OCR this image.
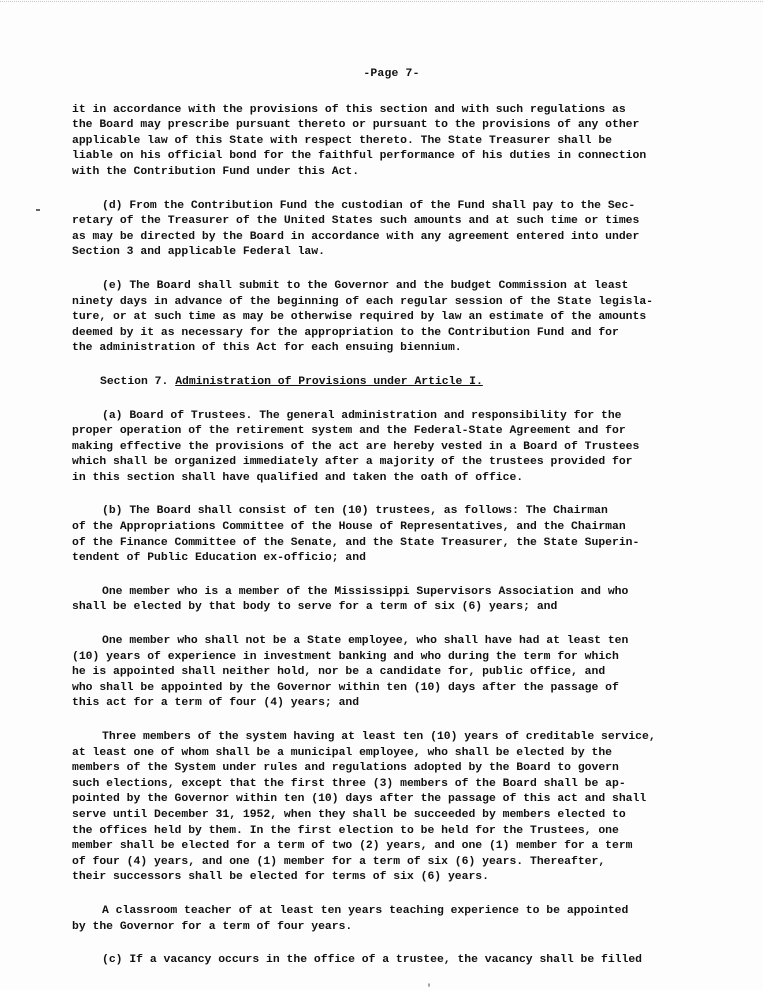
-Page 7-

it in accordance with the provisions of this section and with such regulations as
the Board may prescribe pursuant thereto or pursuant to the provisions of any other
applicable law of this State with respect thereto. The State Treasurer shall be
liable on his official bond for the faithful performance of his duties in connection
with the Contribution Fund under this Act.

(d) From the Contribution Fund the custodian of the Fund shall pay to the Sec-
retary of the Treasurer of the United States such amounts and at such time or times
as may be directed by the Board in accordance with any agreement entered into under
Section 3 and applicable Federal law.

(e) The Board shall submit to the Governor and the budget Commission at least
ninety days in advance of the beginning of each regular session of the State legisla-
ture, or at such time as may be otherwise required by law an estimate of the amounts
deemed by it as necessary for the appropriation to the Contribution Fund and for
the administration of this Act for each ensuing biennium.

Section 7. Administration of Provisions under Article I.

(a) Board of Trustees. The general administration and responsibility for the
proper operation of the retirement system and the Federal-State Agreement and for
making effective the provisions of the act are hereby vested in a Board of Trustees
which shall be organized immediately after a majority of the trustees provided for
in this section shall have qualified and taken the oath of office.

(b) The Board shall consist of ten (10) trustees, as follows: The Chairman
of the Appropriations Committee of the House of Representatives, and the Chairman
of the Finance Committee of the Senate, and the State Treasurer, the State Superin-
tendent of Public Education ex-officio; and

One member who is a member of the Mississippi Supervisors Association and who
shall be elected by that body to serve for a term of six (6) years; and

One member who shall not be a State employee, who shall have had at least ten
(10) years of experience in investment banking and who during the term for which
he is appointed shall neither hold, nor be a candidate for, public office, and
who shall be appointed by the Governor within ten (10) days after the passage of
this act for a term of four (4) years; and

Three members of the system having at least ten (10) years of creditable service,
at least one of whom shall be a municipal employee, who shall be elected by the
members of the System under rules and regulations adopted by the Board to govern
such elections, except that the first three (3) members of the Board shall be ap-
pointed by the Governor within ten (10) days after the passage of this act and shall
serve until December 31, 1952, when they shall be succeeded by members elected to
the offices held by them. In the first election to be held for the Trustees, one
member shall be elected for a term of two (2) years, and one (1) member for a term
of four (4) years, and one (1) member for a term of six (6) years. Thereafter,
their successors shall be elected for terms of six (6) years.

A classroom teacher of at least ten years teaching experience to be appointed
by the Governor for a term of four years.

(c) If a vacancy occurs in the office of a trustee, the vacancy shall be filled

'
